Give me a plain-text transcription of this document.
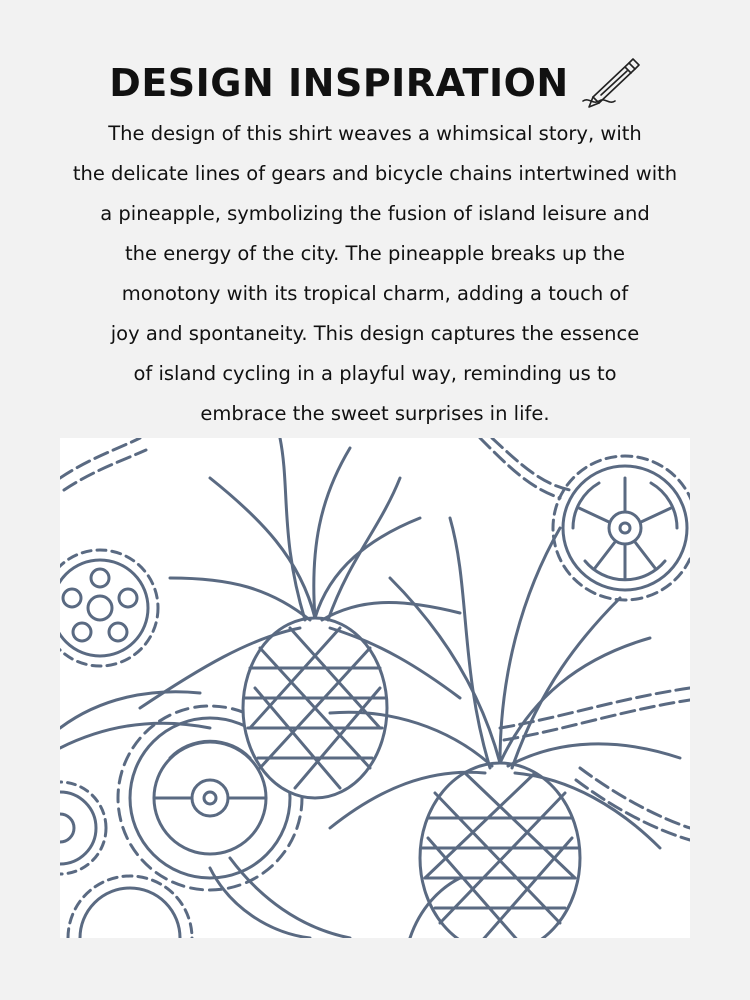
DESIGN INSPIRATION
The design of this shirt weaves a whimsical story, with
the delicate lines of gears and bicycle chains intertwined with
a pineapple, symbolizing the fusion of island leisure and
the energy of the city. The pineapple breaks up the
monotony with its tropical charm, adding a touch of
joy and spontaneity. This design captures the essence
of island cycling in a playful way, reminding us to
embrace the sweet surprises in life.
